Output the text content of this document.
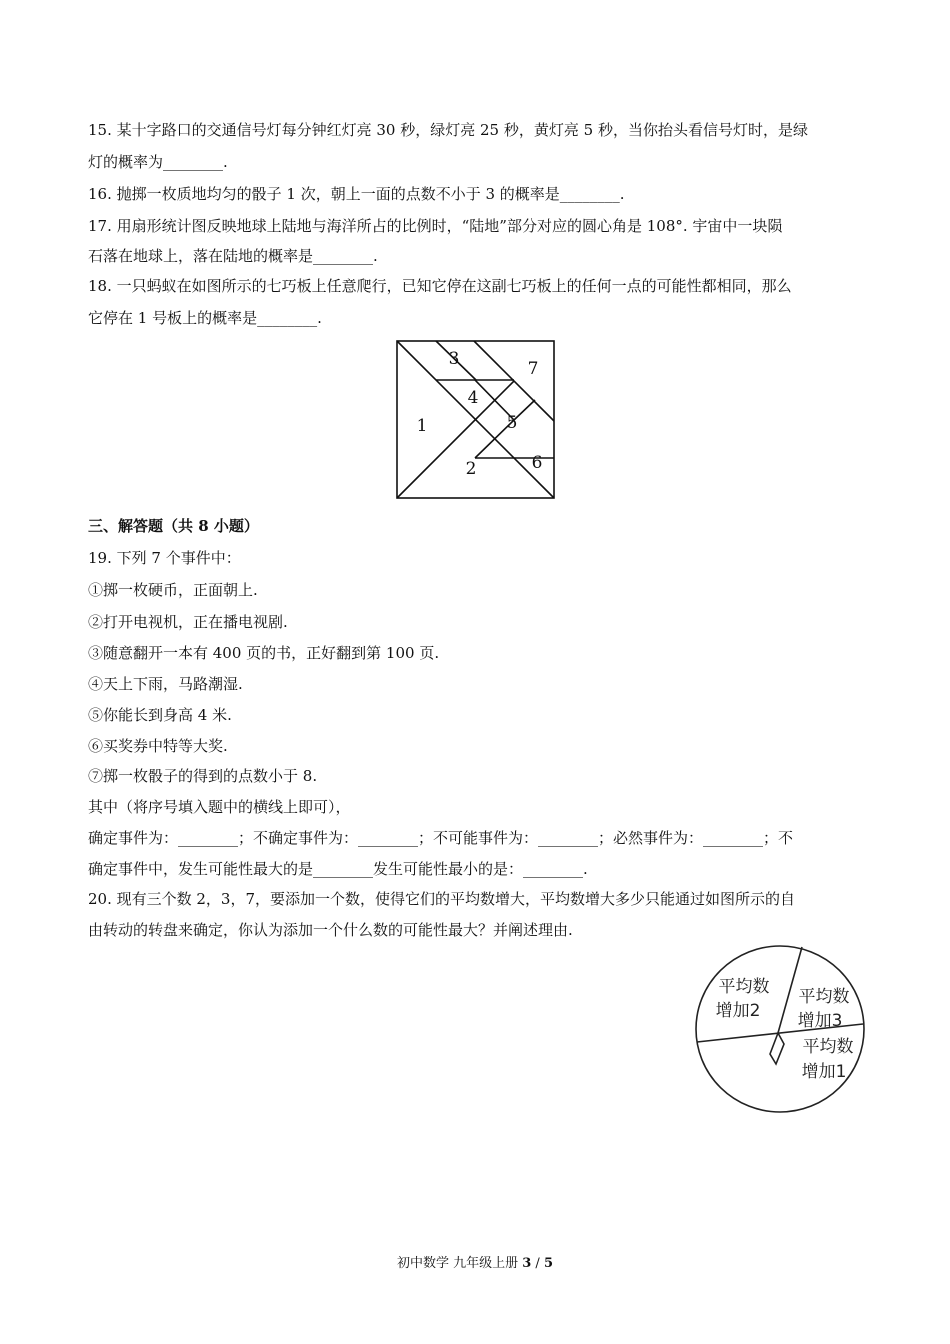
15. 某十字路口的交通信号灯每分钟红灯亮 30 秒，绿灯亮 25 秒，黄灯亮 5 秒，当你抬头看信号灯时，是绿
灯的概率为________.
16. 抛掷一枚质地均匀的骰子 1 次，朝上一面的点数不小于 3 的概率是________.
17. 用扇形统计图反映地球上陆地与海洋所占的比例时，“陆地”部分对应的圆心角是 108°. 宇宙中一块陨
石落在地球上，落在陆地的概率是________.
18. 一只蚂蚁在如图所示的七巧板上任意爬行，已知它停在这副七巧板上的任何一点的可能性都相同，那么
它停在 1 号板上的概率是________.
3	7
4
1	5
2	6
三、解答题（共 8 小题）
19. 下列 7 个事件中：
①掷一枚硬币，正面朝上.
②打开电视机，正在播电视剧.
③随意翻开一本有 400 页的书，正好翻到第 100 页.
④天上下雨，马路潮湿.
⑤你能长到身高 4 米.
⑥买奖券中特等大奖.
⑦掷一枚骰子的得到的点数小于 8.
其中（将序号填入题中的横线上即可），
确定事件为：________；不确定事件为：________；不可能事件为：________；必然事件为：________；不
确定事件中，发生可能性最大的是________发生可能性最小的是：________.
20. 现有三个数 2，3，7，要添加一个数，使得它们的平均数增大，平均数增大多少只能通过如图所示的自
由转动的转盘来确定，你认为添加一个什么数的可能性最大？并阐述理由.
平均数
增加2
平均数
增加3
平均数
增加1
初中数学 九年级上册 3 / 5
